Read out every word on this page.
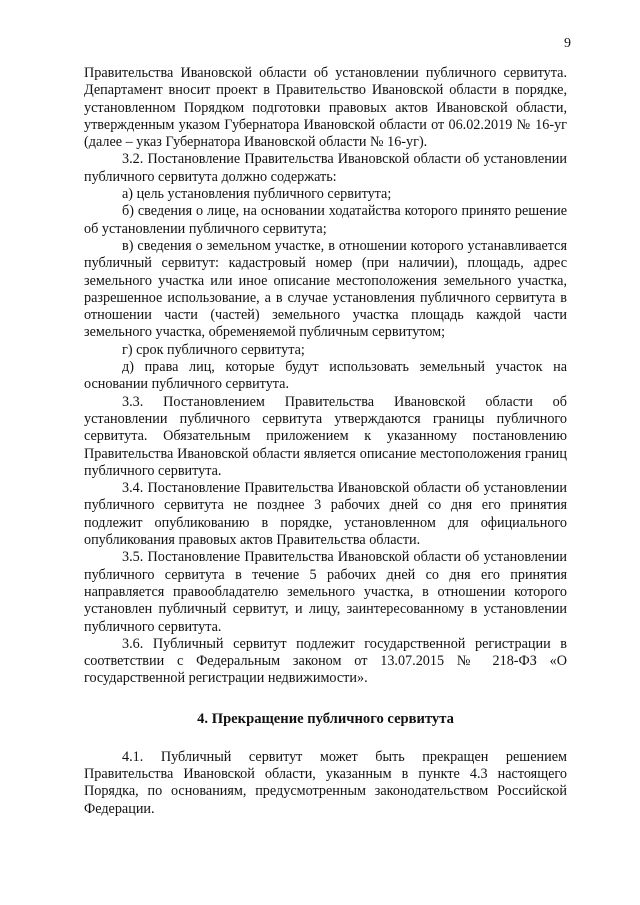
9

Правительства Ивановской области об установлении публичного сервитута. Департамент вносит проект в Правительство Ивановской области в порядке, установленном Порядком подготовки правовых актов Ивановской области, утвержденным указом Губернатора Ивановской области от 06.02.2019 № 16-уг (далее – указ Губернатора Ивановской области № 16-уг).

3.2. Постановление Правительства Ивановской области об установлении публичного сервитута должно содержать:

а) цель установления публичного сервитута;

б) сведения о лице, на основании ходатайства которого принято решение об установлении публичного сервитута;

в) сведения о земельном участке, в отношении которого устанавливается публичный сервитут: кадастровый номер (при наличии), площадь, адрес земельного участка или иное описание местоположения земельного участка, разрешенное использование, а в случае установления публичного сервитута в отношении части (частей) земельного участка площадь каждой части земельного участка, обременяемой публичным сервитутом;

г) срок публичного сервитута;

д) права лиц, которые будут использовать земельный участок на основании публичного сервитута.

3.3. Постановлением Правительства Ивановской области об установлении публичного сервитута утверждаются границы публичного сервитута. Обязательным приложением к указанному постановлению Правительства Ивановской области является описание местоположения границ публичного сервитута.

3.4. Постановление Правительства Ивановской области об установлении публичного сервитута не позднее 3 рабочих дней со дня его принятия подлежит опубликованию в порядке, установленном для официального опубликования правовых актов Правительства области.

3.5. Постановление Правительства Ивановской области об установлении публичного сервитута в течение 5 рабочих дней со дня его принятия направляется правообладателю земельного участка, в отношении которого установлен публичный сервитут, и лицу, заинтересованному в установлении публичного сервитута.

3.6. Публичный сервитут подлежит государственной регистрации в соответствии с Федеральным законом от 13.07.2015 № 218-ФЗ «О государственной регистрации недвижимости».

4. Прекращение публичного сервитута

4.1. Публичный сервитут может быть прекращен решением Правительства Ивановской области, указанным в пункте 4.3 настоящего Порядка, по основаниям, предусмотренным законодательством Российской Федерации.
